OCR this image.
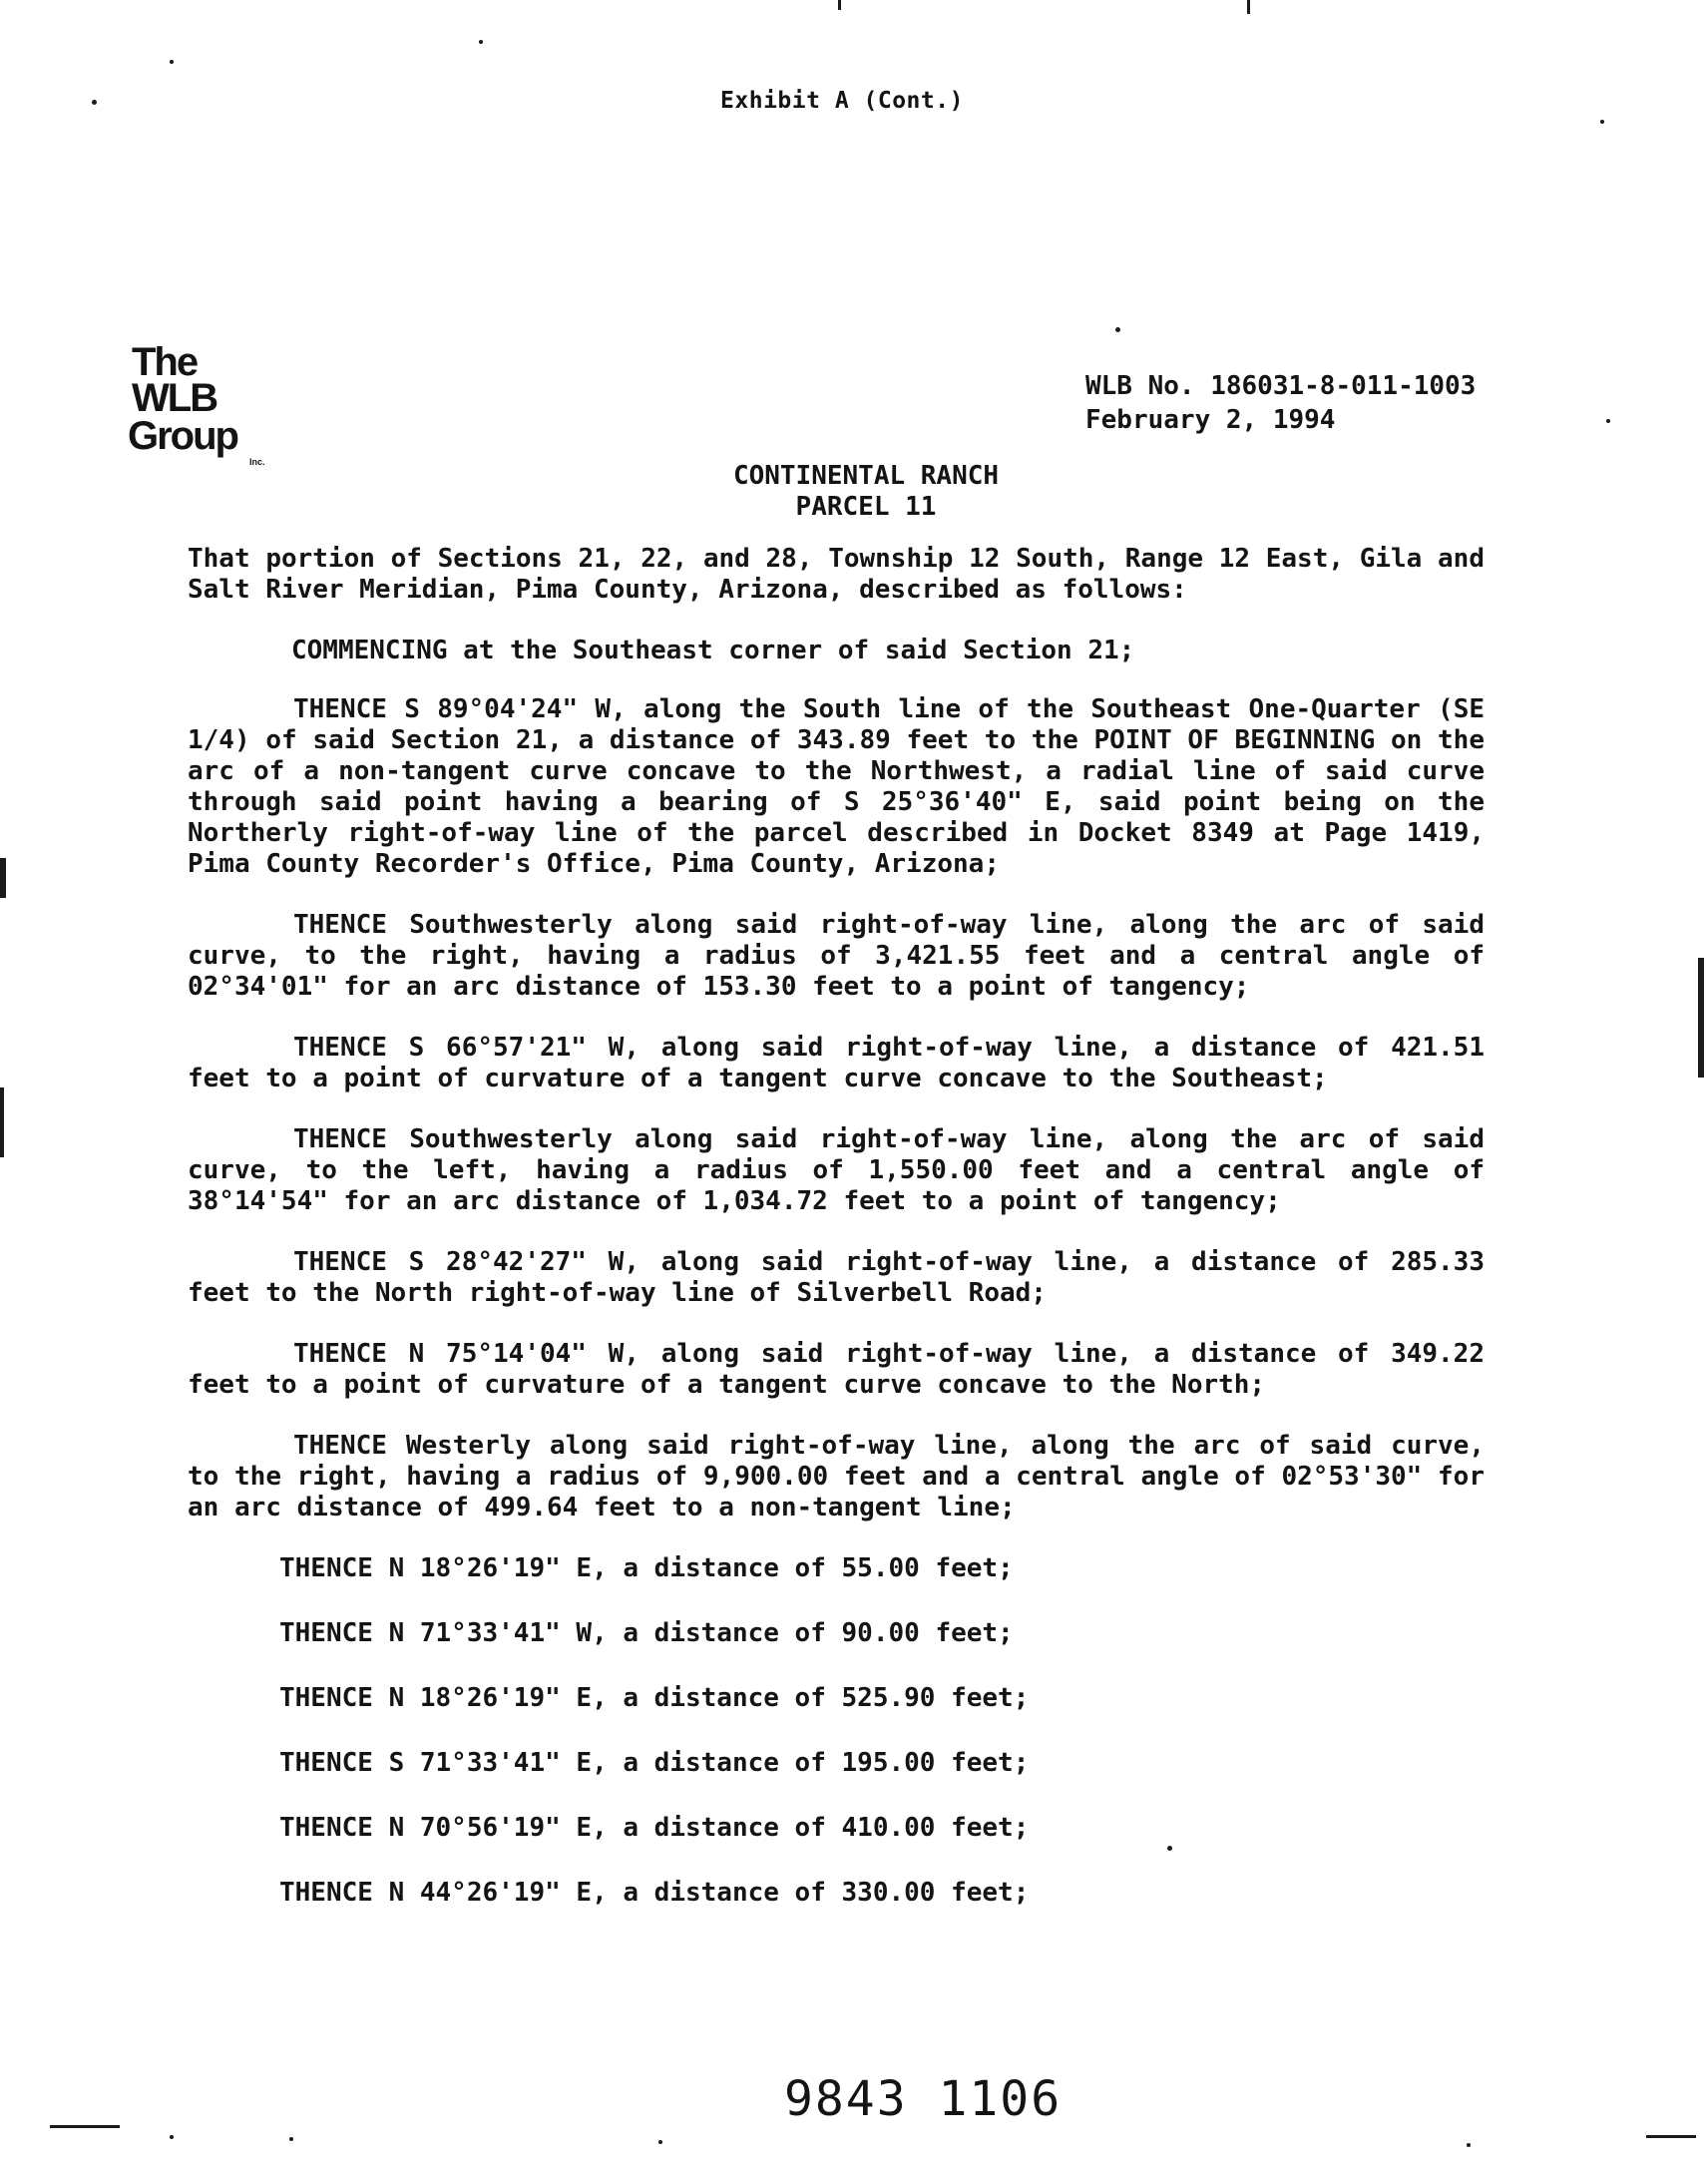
Exhibit A (Cont.)
The
WLB
Group
Inc.
WLB No. 186031-8-011-1003
February 2, 1994
CONTINENTAL RANCH
PARCEL 11

That portion of Sections 21, 22, and 28, Township 12 South, Range 12 East, Gila and Salt River Meridian, Pima County, Arizona, described as follows:

COMMENCING at the Southeast corner of said Section 21;

THENCE S 89°04'24" W, along the South line of the Southeast One-Quarter (SE 1/4) of said Section 21, a distance of 343.89 feet to the POINT OF BEGINNING on the arc of a non-tangent curve concave to the Northwest, a radial line of said curve through said point having a bearing of S 25°36'40" E, said point being on the Northerly right-of-way line of the parcel described in Docket 8349 at Page 1419, Pima County Recorder's Office, Pima County, Arizona;

THENCE Southwesterly along said right-of-way line, along the arc of said curve, to the right, having a radius of 3,421.55 feet and a central angle of 02°34'01" for an arc distance of 153.30 feet to a point of tangency;

THENCE S 66°57'21" W, along said right-of-way line, a distance of 421.51 feet to a point of curvature of a tangent curve concave to the Southeast;

THENCE Southwesterly along said right-of-way line, along the arc of said curve, to the left, having a radius of 1,550.00 feet and a central angle of 38°14'54" for an arc distance of 1,034.72 feet to a point of tangency;

THENCE S 28°42'27" W, along said right-of-way line, a distance of 285.33 feet to the North right-of-way line of Silverbell Road;

THENCE N 75°14'04" W, along said right-of-way line, a distance of 349.22 feet to a point of curvature of a tangent curve concave to the North;

THENCE Westerly along said right-of-way line, along the arc of said curve, to the right, having a radius of 9,900.00 feet and a central angle of 02°53'30" for an arc distance of 499.64 feet to a non-tangent line;

THENCE N 18°26'19" E, a distance of 55.00 feet;

THENCE N 71°33'41" W, a distance of 90.00 feet;

THENCE N 18°26'19" E, a distance of 525.90 feet;

THENCE S 71°33'41" E, a distance of 195.00 feet;

THENCE N 70°56'19" E, a distance of 410.00 feet;

THENCE N 44°26'19" E, a distance of 330.00 feet;

9843 1106
